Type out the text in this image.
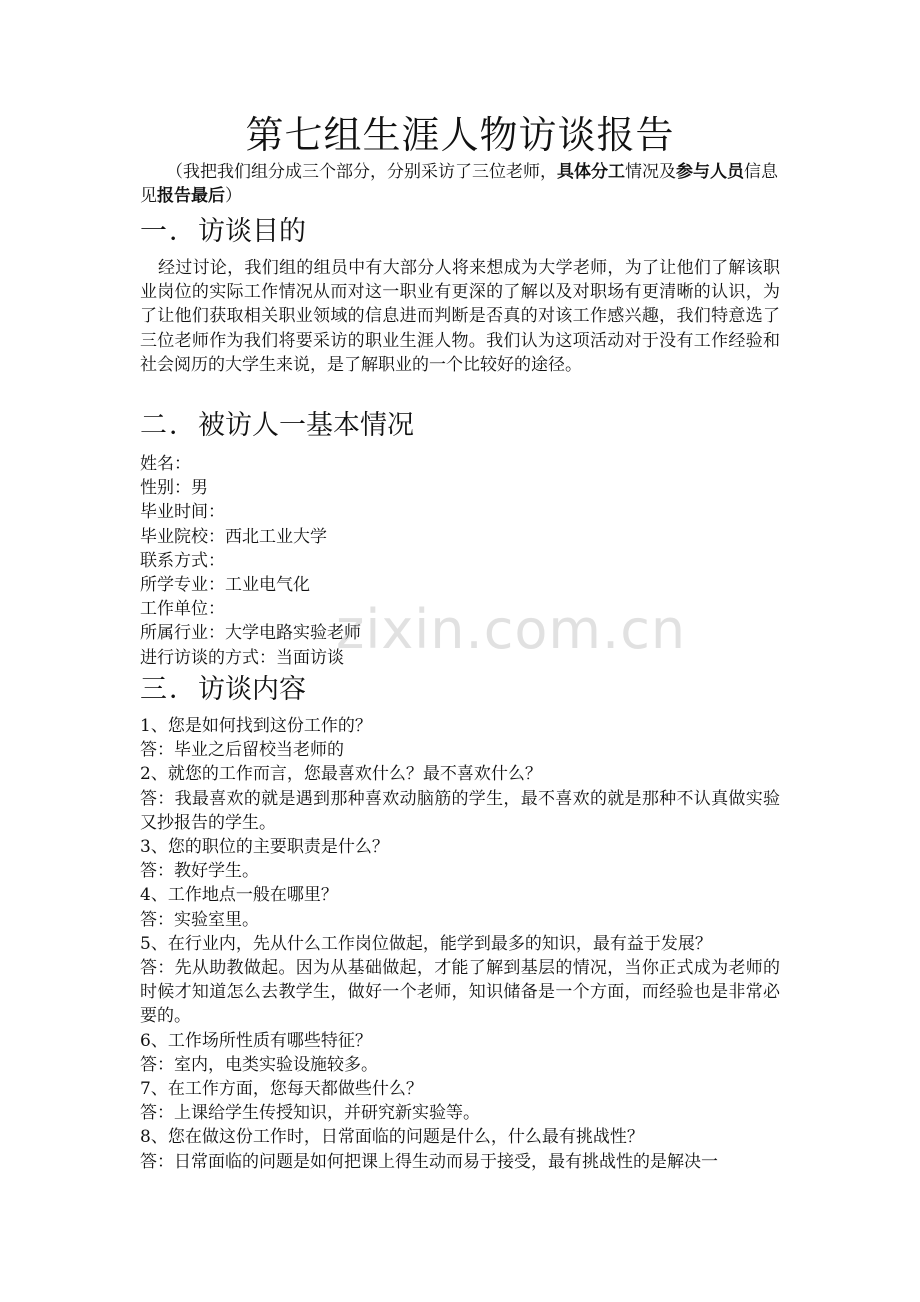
第七组生涯人物访谈报告

（我把我们组分成三个部分，分别采访了三位老师，具体分工情况及参与人员信息见报告最后）

一．访谈目的

经过讨论，我们组的组员中有大部分人将来想成为大学老师，为了让他们了解该职业岗位的实际工作情况从而对这一职业有更深的了解以及对职场有更清晰的认识，为了让他们获取相关职业领域的信息进而判断是否真的对该工作感兴趣，我们特意选了三位老师作为我们将要采访的职业生涯人物。我们认为这项活动对于没有工作经验和社会阅历的大学生来说，是了解职业的一个比较好的途径。

二．被访人一基本情况
姓名：
性别：男
毕业时间：
毕业院校：西北工业大学
联系方式：
所学专业：工业电气化
工作单位：
所属行业：大学电路实验老师
进行访谈的方式：当面访谈
三．访谈内容

1、您是如何找到这份工作的？

答：毕业之后留校当老师的

2、就您的工作而言，您最喜欢什么？最不喜欢什么？

答：我最喜欢的就是遇到那种喜欢动脑筋的学生，最不喜欢的就是那种不认真做实验又抄报告的学生。

3、您的职位的主要职责是什么？

答：教好学生。

4、工作地点一般在哪里？

答：实验室里。

5、在行业内，先从什么工作岗位做起，能学到最多的知识，最有益于发展？

答：先从助教做起。因为从基础做起，才能了解到基层的情况，当你正式成为老师的时候才知道怎么去教学生，做好一个老师，知识储备是一个方面，而经验也是非常必要的。

6、工作场所性质有哪些特征？

答：室内，电类实验设施较多。

7、在工作方面，您每天都做些什么？

答：上课给学生传授知识，并研究新实验等。

8、您在做这份工作时，日常面临的问题是什么，什么最有挑战性？

答：日常面临的问题是如何把课上得生动而易于接受，最有挑战性的是解决一

zixin.com.cn
